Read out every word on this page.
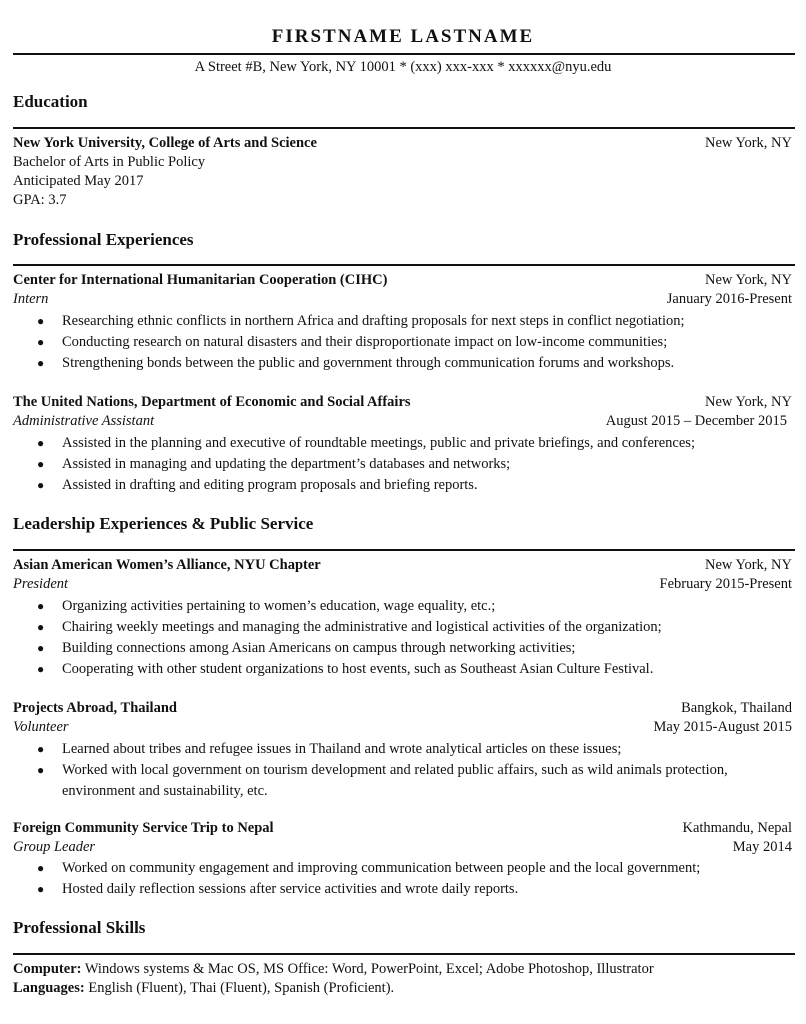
FIRSTNAME LASTNAME
A Street #B, New York, NY 10001 * (xxx) xxx-xxx * xxxxxx@nyu.edu
Education
New York University, College of Arts and Science	New York, NY
Bachelor of Arts in Public Policy
Anticipated May 2017
GPA: 3.7
Professional Experiences
Center for International Humanitarian Cooperation (CIHC)	New York, NY
Intern	January 2016-Present
● Researching ethnic conflicts in northern Africa and drafting proposals for next steps in conflict negotiation;
● Conducting research on natural disasters and their disproportionate impact on low-income communities;
● Strengthening bonds between the public and government through communication forums and workshops.
The United Nations, Department of Economic and Social Affairs	New York, NY
Administrative Assistant	August 2015 – December 2015
● Assisted in the planning and executive of roundtable meetings, public and private briefings, and conferences;
● Assisted in managing and updating the department’s databases and networks;
● Assisted in drafting and editing program proposals and briefing reports.
Leadership Experiences & Public Service
Asian American Women’s Alliance, NYU Chapter	New York, NY
President	February 2015-Present
● Organizing activities pertaining to women’s education, wage equality, etc.;
● Chairing weekly meetings and managing the administrative and logistical activities of the organization;
● Building connections among Asian Americans on campus through networking activities;
● Cooperating with other student organizations to host events, such as Southeast Asian Culture Festival.
Projects Abroad, Thailand	Bangkok, Thailand
Volunteer	May 2015-August 2015
● Learned about tribes and refugee issues in Thailand and wrote analytical articles on these issues;
● Worked with local government on tourism development and related public affairs, such as wild animals protection, environment and sustainability, etc.
Foreign Community Service Trip to Nepal	Kathmandu, Nepal
Group Leader	May 2014
● Worked on community engagement and improving communication between people and the local government;
● Hosted daily reflection sessions after service activities and wrote daily reports.
Professional Skills
Computer: Windows systems & Mac OS, MS Office: Word, PowerPoint, Excel; Adobe Photoshop, Illustrator
Languages: English (Fluent), Thai (Fluent), Spanish (Proficient).
